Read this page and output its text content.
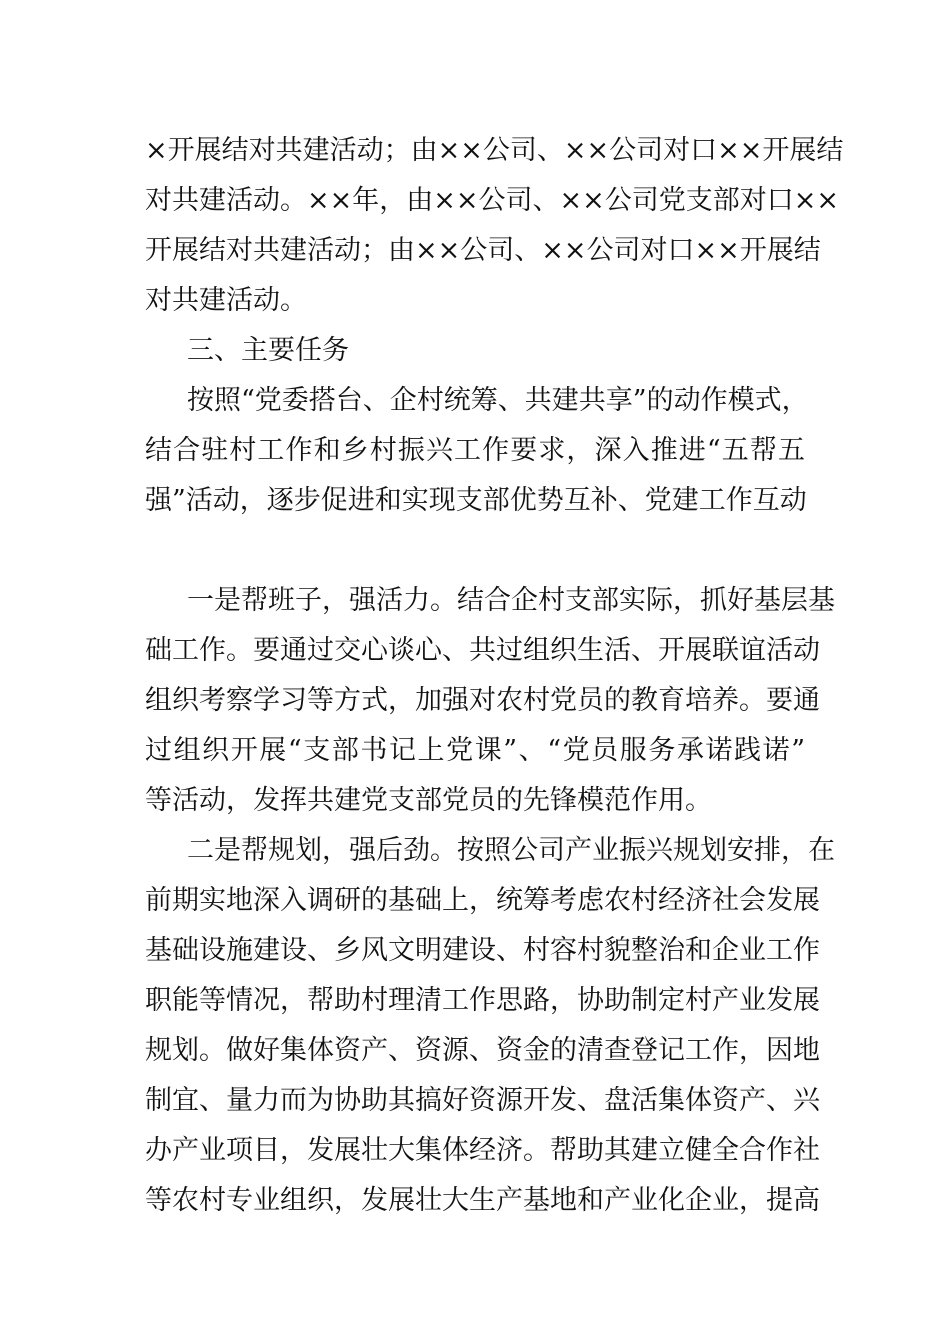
×开展结对共建活动；由××公司、××公司对口××开展结
对共建活动。××年，由××公司、××公司党支部对口××
开展结对共建活动；由××公司、××公司对口××开展结
对共建活动。
三、主要任务
按照“党委搭台、企村统筹、共建共享”的动作模式，
结合驻村工作和乡村振兴工作要求，深入推进“五帮五
强”活动，逐步促进和实现支部优势互补、党建工作互动
一是帮班子，强活力。结合企村支部实际，抓好基层基
础工作。要通过交心谈心、共过组织生活、开展联谊活动
组织考察学习等方式，加强对农村党员的教育培养。要通
过组织开展“支部书记上党课”、“党员服务承诺践诺”
等活动，发挥共建党支部党员的先锋模范作用。
二是帮规划，强后劲。按照公司产业振兴规划安排，在
前期实地深入调研的基础上，统筹考虑农村经济社会发展
基础设施建设、乡风文明建设、村容村貌整治和企业工作
职能等情况，帮助村理清工作思路，协助制定村产业发展
规划。做好集体资产、资源、资金的清查登记工作，因地
制宜、量力而为协助其搞好资源开发、盘活集体资产、兴
办产业项目，发展壮大集体经济。帮助其建立健全合作社
等农村专业组织，发展壮大生产基地和产业化企业，提高
